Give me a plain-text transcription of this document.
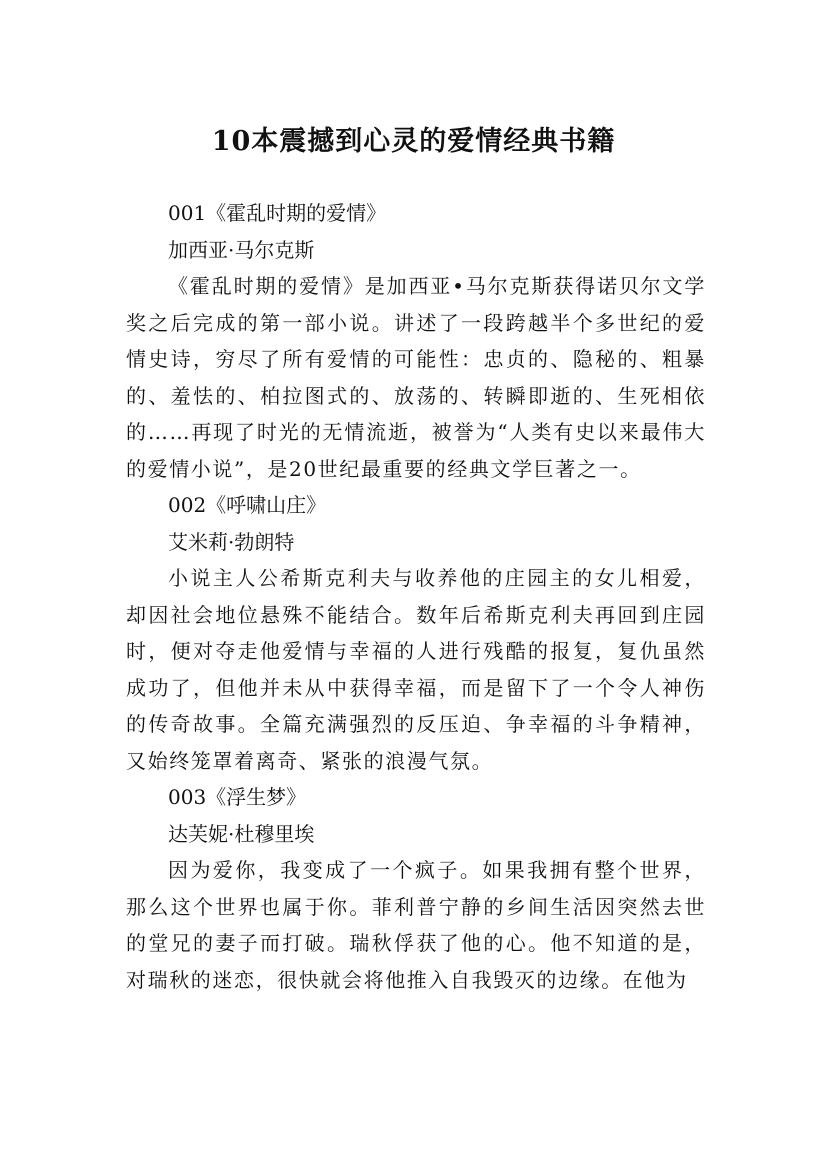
10本震撼到心灵的爱情经典书籍

001《霍乱时期的爱情》

加西亚·马尔克斯

《霍乱时期的爱情》是加西亚•马尔克斯获得诺贝尔文学奖之后完成的第一部小说。讲述了一段跨越半个多世纪的爱情史诗，穷尽了所有爱情的可能性：忠贞的、隐秘的、粗暴的、羞怯的、柏拉图式的、放荡的、转瞬即逝的、生死相依的……再现了时光的无情流逝，被誉为“人类有史以来最伟大的爱情小说”，是20世纪最重要的经典文学巨著之一。

002《呼啸山庄》

艾米莉·勃朗特

小说主人公希斯克利夫与收养他的庄园主的女儿相爱，却因社会地位悬殊不能结合。数年后希斯克利夫再回到庄园时，便对夺走他爱情与幸福的人进行残酷的报复，复仇虽然成功了，但他并未从中获得幸福，而是留下了一个令人神伤的传奇故事。全篇充满强烈的反压迫、争幸福的斗争精神，又始终笼罩着离奇、紧张的浪漫气氛。

003《浮生梦》

达芙妮·杜穆里埃

因为爱你，我变成了一个疯子。如果我拥有整个世界，那么这个世界也属于你。菲利普宁静的乡间生活因突然去世的堂兄的妻子而打破。瑞秋俘获了他的心。他不知道的是，对瑞秋的迷恋，很快就会将他推入自我毁灭的边缘。在他为
